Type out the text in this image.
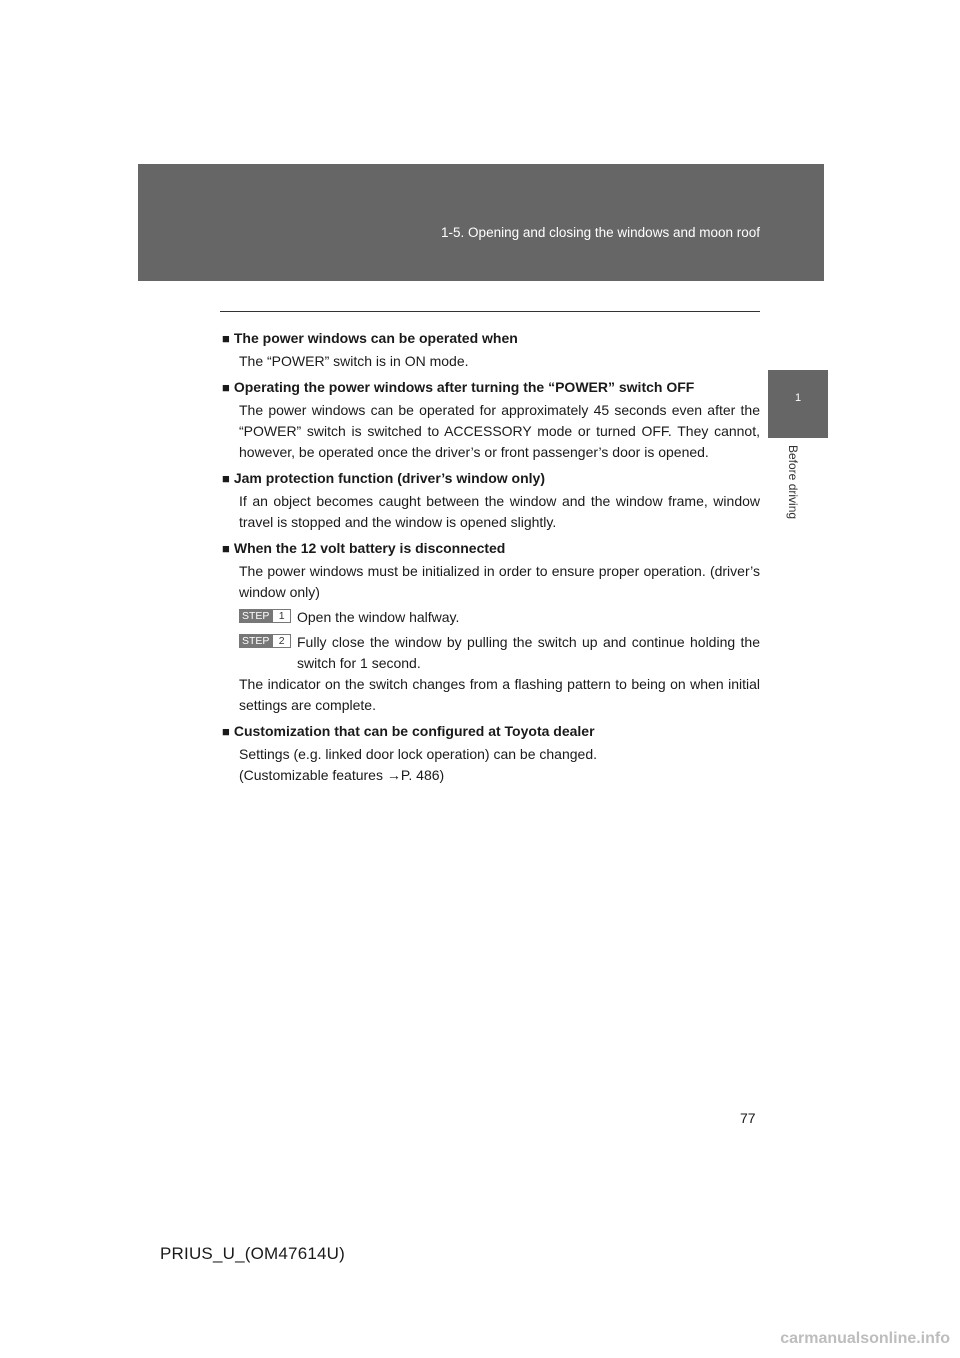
1-5. Opening and closing the windows and moon roof
1
Before driving

■ The power windows can be operated when

The “POWER” switch is in ON mode.

■ Operating the power windows after turning the “POWER” switch OFF

The power windows can be operated for approximately 45 seconds even after the “POWER” switch is switched to ACCESSORY mode or turned OFF. They cannot, however, be operated once the driver’s or front passenger’s door is opened.

■ Jam protection function (driver’s window only)

If an object becomes caught between the window and the window frame, window travel is stopped and the window is opened slightly.

■ When the 12 volt battery is disconnected

The power windows must be initialized in order to ensure proper operation. (driver’s window only)

STEP 1 Open the window halfway.
STEP 2 Fully close the window by pulling the switch up and continue holding the switch for 1 second.

The indicator on the switch changes from a flashing pattern to being on when initial settings are complete.

■ Customization that can be configured at Toyota dealer

Settings (e.g. linked door lock operation) can be changed.

(Customizable features →P. 486)

77
PRIUS_U_(OM47614U)
carmanualsonline.info
